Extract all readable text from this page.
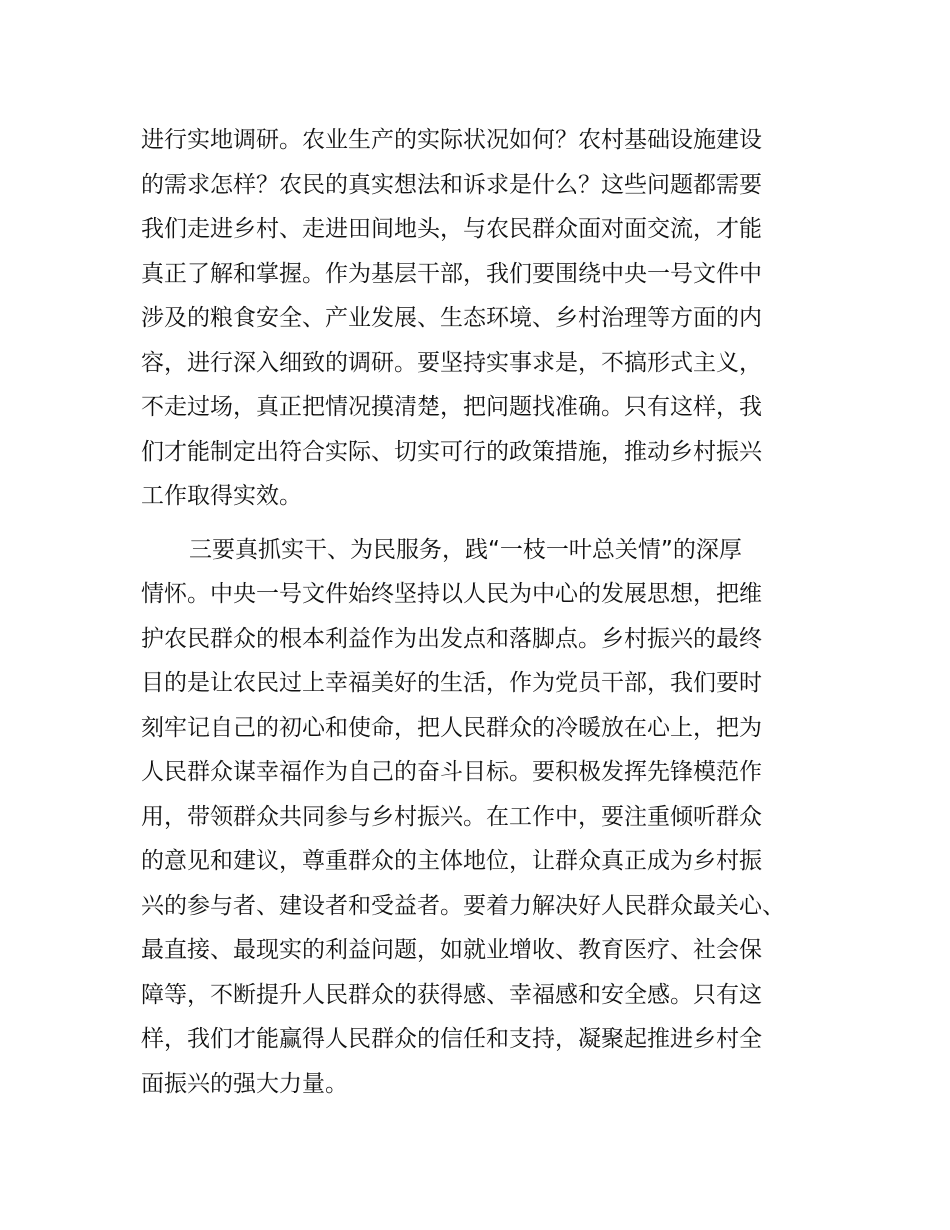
进行实地调研。农业生产的实际状况如何？农村基础设施建设
的需求怎样？农民的真实想法和诉求是什么？这些问题都需要
我们走进乡村、走进田间地头，与农民群众面对面交流，才能
真正了解和掌握。作为基层干部，我们要围绕中央一号文件中
涉及的粮食安全、产业发展、生态环境、乡村治理等方面的内
容，进行深入细致的调研。要坚持实事求是，不搞形式主义，
不走过场，真正把情况摸清楚，把问题找准确。只有这样，我
们才能制定出符合实际、切实可行的政策措施，推动乡村振兴
工作取得实效。
三要真抓实干、为民服务，践“一枝一叶总关情”的深厚
情怀。中央一号文件始终坚持以人民为中心的发展思想，把维
护农民群众的根本利益作为出发点和落脚点。乡村振兴的最终
目的是让农民过上幸福美好的生活，作为党员干部，我们要时
刻牢记自己的初心和使命，把人民群众的冷暖放在心上，把为
人民群众谋幸福作为自己的奋斗目标。要积极发挥先锋模范作
用，带领群众共同参与乡村振兴。在工作中，要注重倾听群众
的意见和建议，尊重群众的主体地位，让群众真正成为乡村振
兴的参与者、建设者和受益者。要着力解决好人民群众最关心、
最直接、最现实的利益问题，如就业增收、教育医疗、社会保
障等，不断提升人民群众的获得感、幸福感和安全感。只有这
样，我们才能赢得人民群众的信任和支持，凝聚起推进乡村全
面振兴的强大力量。
